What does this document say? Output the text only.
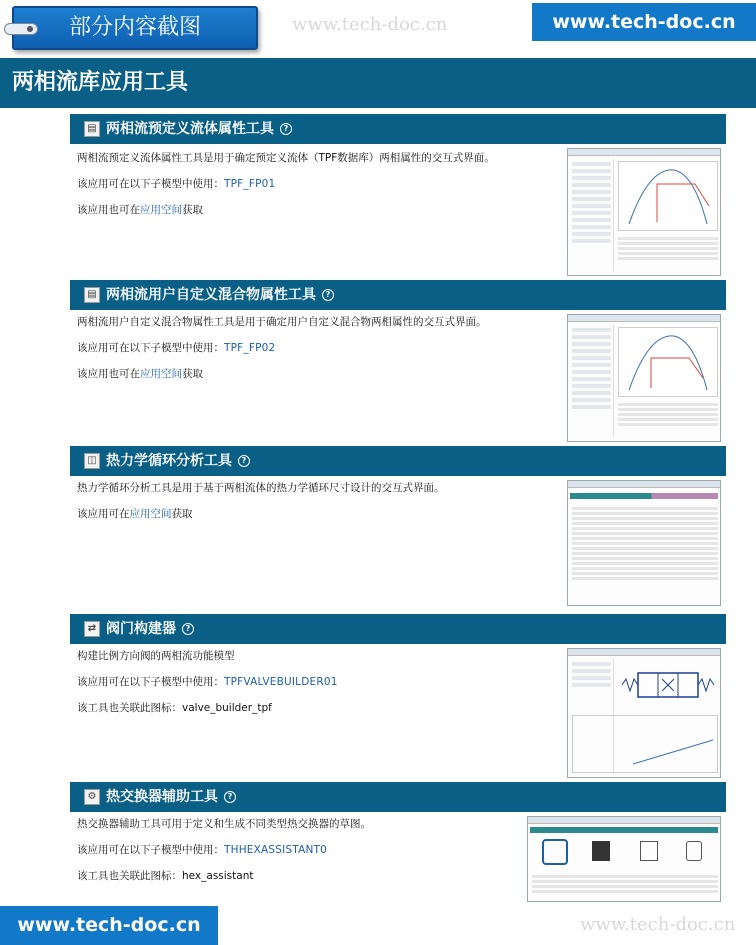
部分内容截图	www.tech-doc.cn	www.tech-doc.cn
两相流库应用工具
▤ 两相流预定义流体属性工具	?

两相流预定义流体属性工具是用于确定预定义流体（TPF数据库）两相属性的交互式界面。

该应用可在以下子模型中使用：TPF_FP01

该应用也可在应用空间获取

▤ 两相流用户自定义混合物属性工具	?

两相流用户自定义混合物属性工具是用于确定用户自定义混合物两相属性的交互式界面。

该应用可在以下子模型中使用：TPF_FP02

该应用也可在应用空间获取

◫ 热力学循环分析工具	?

热力学循环分析工具是用于基于两相流体的热力学循环尺寸设计的交互式界面。

该应用可在应用空间获取

⇄ 阀门构建器	?

构建比例方向阀的两相流功能模型

该应用可在以下子模型中使用：TPFVALVEBUILDER01

该工具也关联此图标：valve_builder_tpf

⚙ 热交换器辅助工具	?

热交换器辅助工具可用于定义和生成不同类型热交换器的草图。

该应用可在以下子模型中使用：THHEXASSISTANT0

该工具也关联此图标：hex_assistant

www.tech-doc.cn	www.tech-doc.cn
